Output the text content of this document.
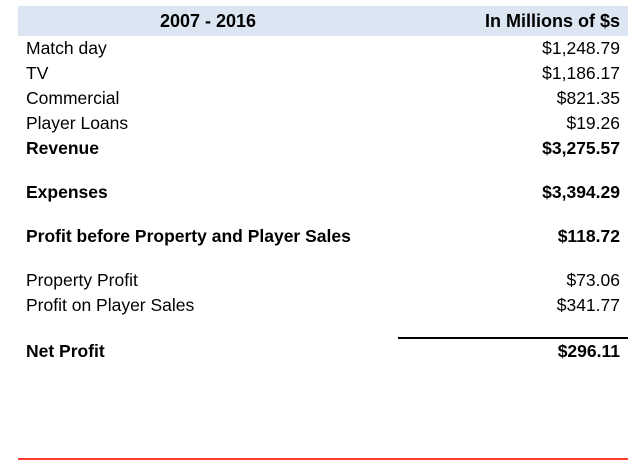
2007 - 2016	In Millions of $s
Match day	$1,248.79
TV	$1,186.17
Commercial	$821.35
Player Loans	$19.26
Revenue	$3,275.57

Expenses	$3,394.29

Profit before Property and Player Sales	$118.72

Property Profit	$73.06
Profit on Player Sales	$341.77

Net Profit	$296.11
